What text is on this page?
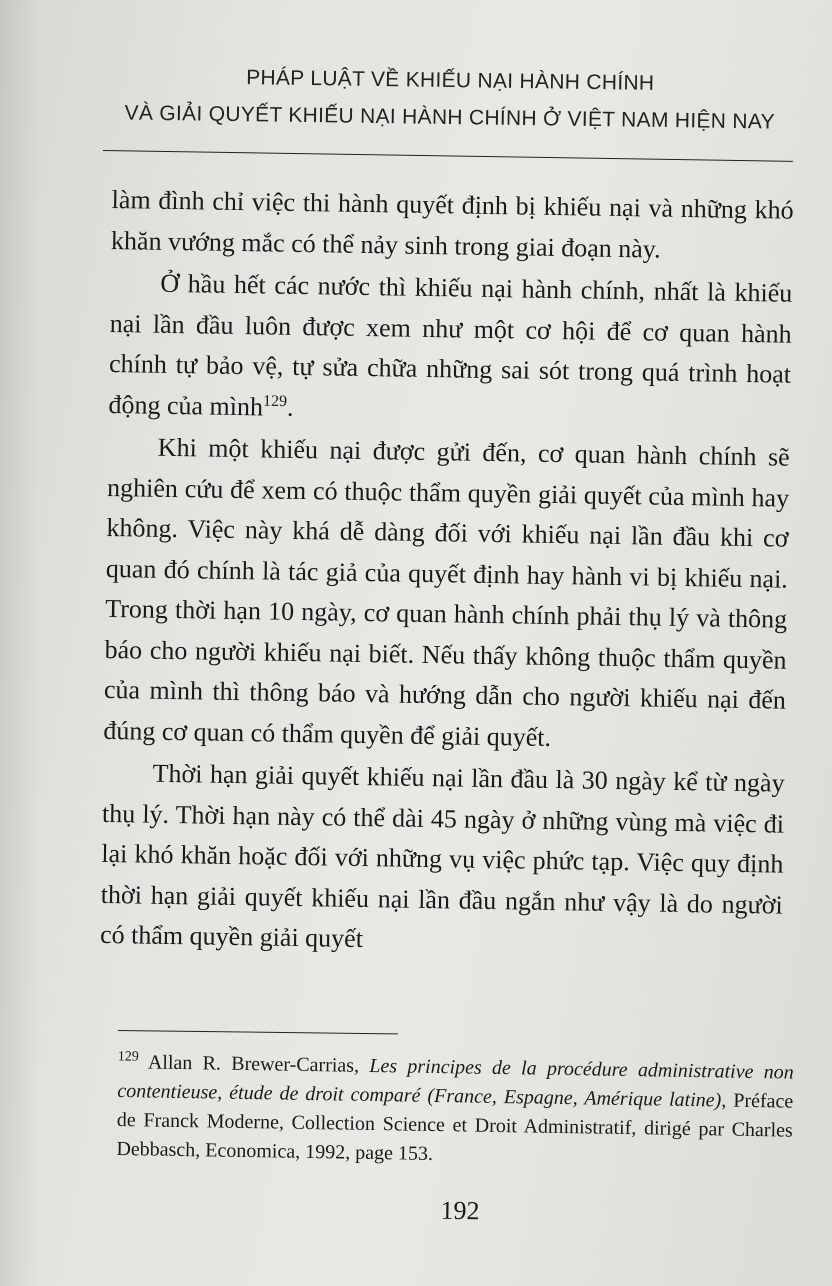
PHÁP LUẬT VỀ KHIẾU NẠI HÀNH CHÍNH
VÀ GIẢI QUYẾT KHIẾU NẠI HÀNH CHÍNH Ở VIỆT NAM HIỆN NAY

làm đình chỉ việc thi hành quyết định bị khiếu nại và những khó khăn vướng mắc có thể nảy sinh trong giai đoạn này.

Ở hầu hết các nước thì khiếu nại hành chính, nhất là khiếu nại lần đầu luôn được xem như một cơ hội để cơ quan hành chính tự bảo vệ, tự sửa chữa những sai sót trong quá trình hoạt động của mình$^{129}$.

Khi một khiếu nại được gửi đến, cơ quan hành chính sẽ nghiên cứu để xem có thuộc thẩm quyền giải quyết của mình hay không. Việc này khá dễ dàng đối với khiếu nại lần đầu khi cơ quan đó chính là tác giả của quyết định hay hành vi bị khiếu nại. Trong thời hạn 10 ngày, cơ quan hành chính phải thụ lý và thông báo cho người khiếu nại biết. Nếu thấy không thuộc thẩm quyền của mình thì thông báo và hướng dẫn cho người khiếu nại đến đúng cơ quan có thẩm quyền để giải quyết.

Thời hạn giải quyết khiếu nại lần đầu là 30 ngày kể từ ngày thụ lý. Thời hạn này có thể dài 45 ngày ở những vùng mà việc đi lại khó khăn hoặc đối với những vụ việc phức tạp. Việc quy định thời hạn giải quyết khiếu nại lần đầu ngắn như vậy là do người có thẩm quyền giải quyết

$^{129}$ Allan R. Brewer-Carrias, Les principes de la procédure administrative non contentieuse, étude de droit comparé (France, Espagne, Amérique latine), Préface de Franck Moderne, Collection Science et Droit Administratif, dirigé par Charles Debbasch, Economica, 1992, page 153.
192
